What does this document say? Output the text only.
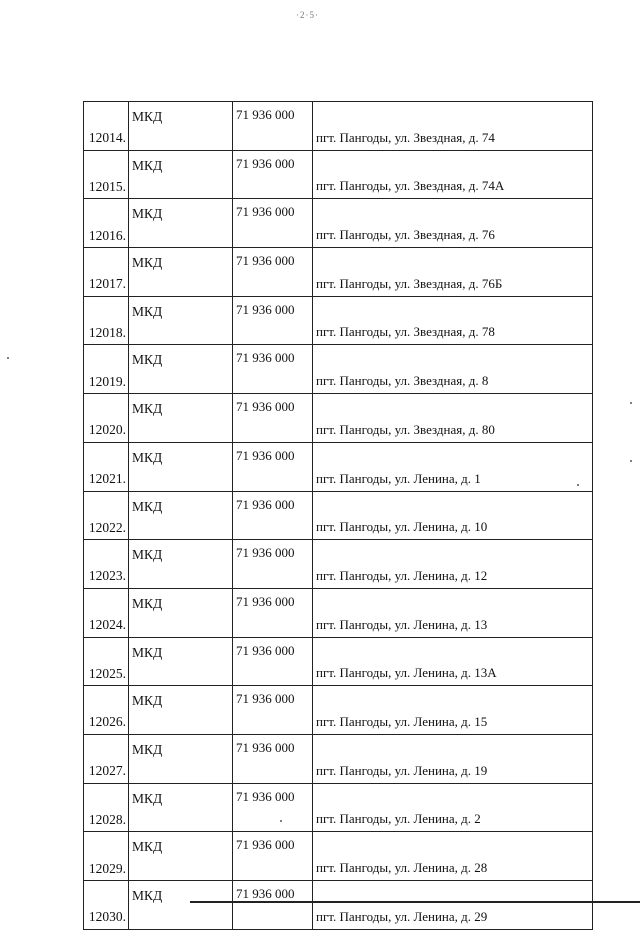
·2·5·
12014.	МКД	71 936 000	пгт. Пангоды, ул. Звездная, д. 74
12015.	МКД	71 936 000	пгт. Пангоды, ул. Звездная, д. 74А
12016.	МКД	71 936 000	пгт. Пангоды, ул. Звездная, д. 76
12017.	МКД	71 936 000	пгт. Пангоды, ул. Звездная, д. 76Б
12018.	МКД	71 936 000	пгт. Пангоды, ул. Звездная, д. 78
12019.	МКД	71 936 000	пгт. Пангоды, ул. Звездная, д. 8
12020.	МКД	71 936 000	пгт. Пангоды, ул. Звездная, д. 80
12021.	МКД	71 936 000	пгт. Пангоды, ул. Ленина, д. 1
12022.	МКД	71 936 000	пгт. Пангоды, ул. Ленина, д. 10
12023.	МКД	71 936 000	пгт. Пангоды, ул. Ленина, д. 12
12024.	МКД	71 936 000	пгт. Пангоды, ул. Ленина, д. 13
12025.	МКД	71 936 000	пгт. Пангоды, ул. Ленина, д. 13А
12026.	МКД	71 936 000	пгт. Пангоды, ул. Ленина, д. 15
12027.	МКД	71 936 000	пгт. Пангоды, ул. Ленина, д. 19
12028.	МКД	71 936 000	пгт. Пангоды, ул. Ленина, д. 2
12029.	МКД	71 936 000	пгт. Пангоды, ул. Ленина, д. 28
12030.	МКД	71 936 000	пгт. Пангоды, ул. Ленина, д. 29
